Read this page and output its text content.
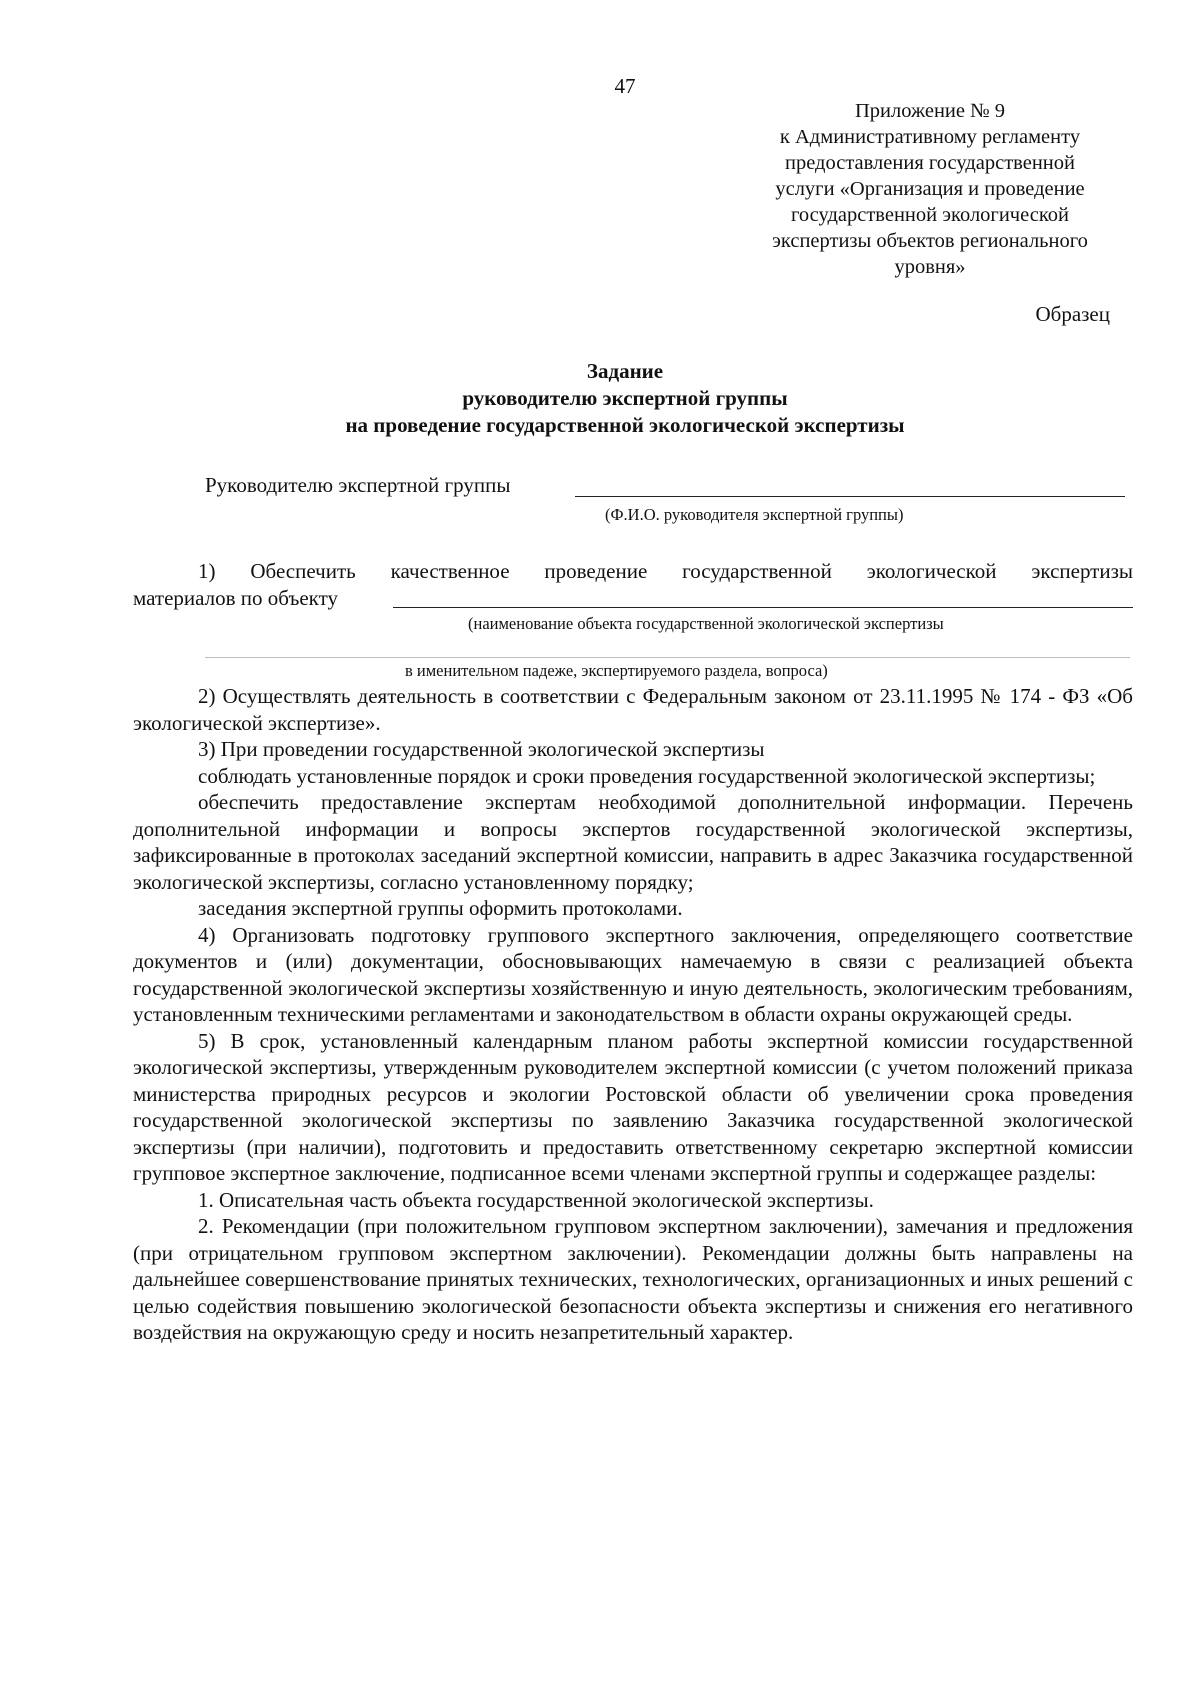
47
Приложение № 9
к Административному регламенту
предоставления государственной
услуги «Организация и проведение
государственной экологической
экспертизы объектов регионального
уровня»
Образец
Задание
руководителю экспертной группы
на проведение государственной экологической экспертизы
Руководителю экспертной группы
(Ф.И.О. руководителя экспертной группы)

1) Обеспечить качественное проведение государственной экологической экспертизы

материалов по объекту
(наименование объекта государственной экологической экспертизы
в именительном падеже, экспертируемого раздела, вопроса)

2) Осуществлять деятельность в соответствии с Федеральным законом от 23.11.1995 № 174 - ФЗ «Об экологической экспертизе».

3) При проведении государственной экологической экспертизы

соблюдать установленные порядок и сроки проведения государственной экологической экспертизы;

обеспечить предоставление экспертам необходимой дополнительной информации. Перечень дополнительной информации и вопросы экспертов государственной экологической экспертизы, зафиксированные в протоколах заседаний экспертной комиссии, направить в адрес Заказчика государственной экологической экспертизы, согласно установленному порядку;

заседания экспертной группы оформить протоколами.

4) Организовать подготовку группового экспертного заключения, определяющего соответствие документов и (или) документации, обосновывающих намечаемую в связи с реализацией объекта государственной экологической экспертизы хозяйственную и иную деятельность, экологическим требованиям, установленным техническими регламентами и законодательством в области охраны окружающей среды.

5) В срок, установленный календарным планом работы экспертной комиссии государственной экологической экспертизы, утвержденным руководителем экспертной комиссии (с учетом положений приказа министерства природных ресурсов и экологии Ростовской области об увеличении срока проведения государственной экологической экспертизы по заявлению Заказчика государственной экологической экспертизы (при наличии), подготовить и предоставить ответственному секретарю экспертной комиссии групповое экспертное заключение, подписанное всеми членами экспертной группы и содержащее разделы:

1. Описательная часть объекта государственной экологической экспертизы.

2. Рекомендации (при положительном групповом экспертном заключении), замечания и предложения (при отрицательном групповом экспертном заключении). Рекомендации должны быть направлены на дальнейшее совершенствование принятых технических, технологических, организационных и иных решений с целью содействия повышению экологической безопасности объекта экспертизы и снижения его негативного воздействия на окружающую среду и носить незапретительный характер.
